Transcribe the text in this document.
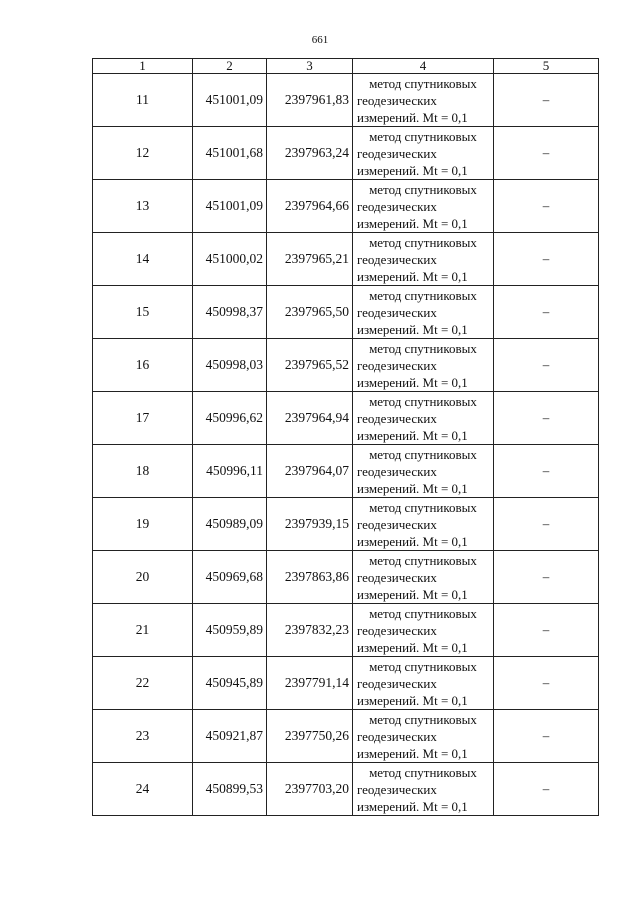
661
1	2	3	4	5
11	451001,09	2397961,83	метод спутниковых
геодезических
измерений. Mt = 0,1	–
12	451001,68	2397963,24	метод спутниковых
геодезических
измерений. Mt = 0,1	–
13	451001,09	2397964,66	метод спутниковых
геодезических
измерений. Mt = 0,1	–
14	451000,02	2397965,21	метод спутниковых
геодезических
измерений. Mt = 0,1	–
15	450998,37	2397965,50	метод спутниковых
геодезических
измерений. Mt = 0,1	–
16	450998,03	2397965,52	метод спутниковых
геодезических
измерений. Mt = 0,1	–
17	450996,62	2397964,94	метод спутниковых
геодезических
измерений. Mt = 0,1	–
18	450996,11	2397964,07	метод спутниковых
геодезических
измерений. Mt = 0,1	–
19	450989,09	2397939,15	метод спутниковых
геодезических
измерений. Mt = 0,1	–
20	450969,68	2397863,86	метод спутниковых
геодезических
измерений. Mt = 0,1	–
21	450959,89	2397832,23	метод спутниковых
геодезических
измерений. Mt = 0,1	–
22	450945,89	2397791,14	метод спутниковых
геодезических
измерений. Mt = 0,1	–
23	450921,87	2397750,26	метод спутниковых
геодезических
измерений. Mt = 0,1	–
24	450899,53	2397703,20	метод спутниковых
геодезических
измерений. Mt = 0,1	–
